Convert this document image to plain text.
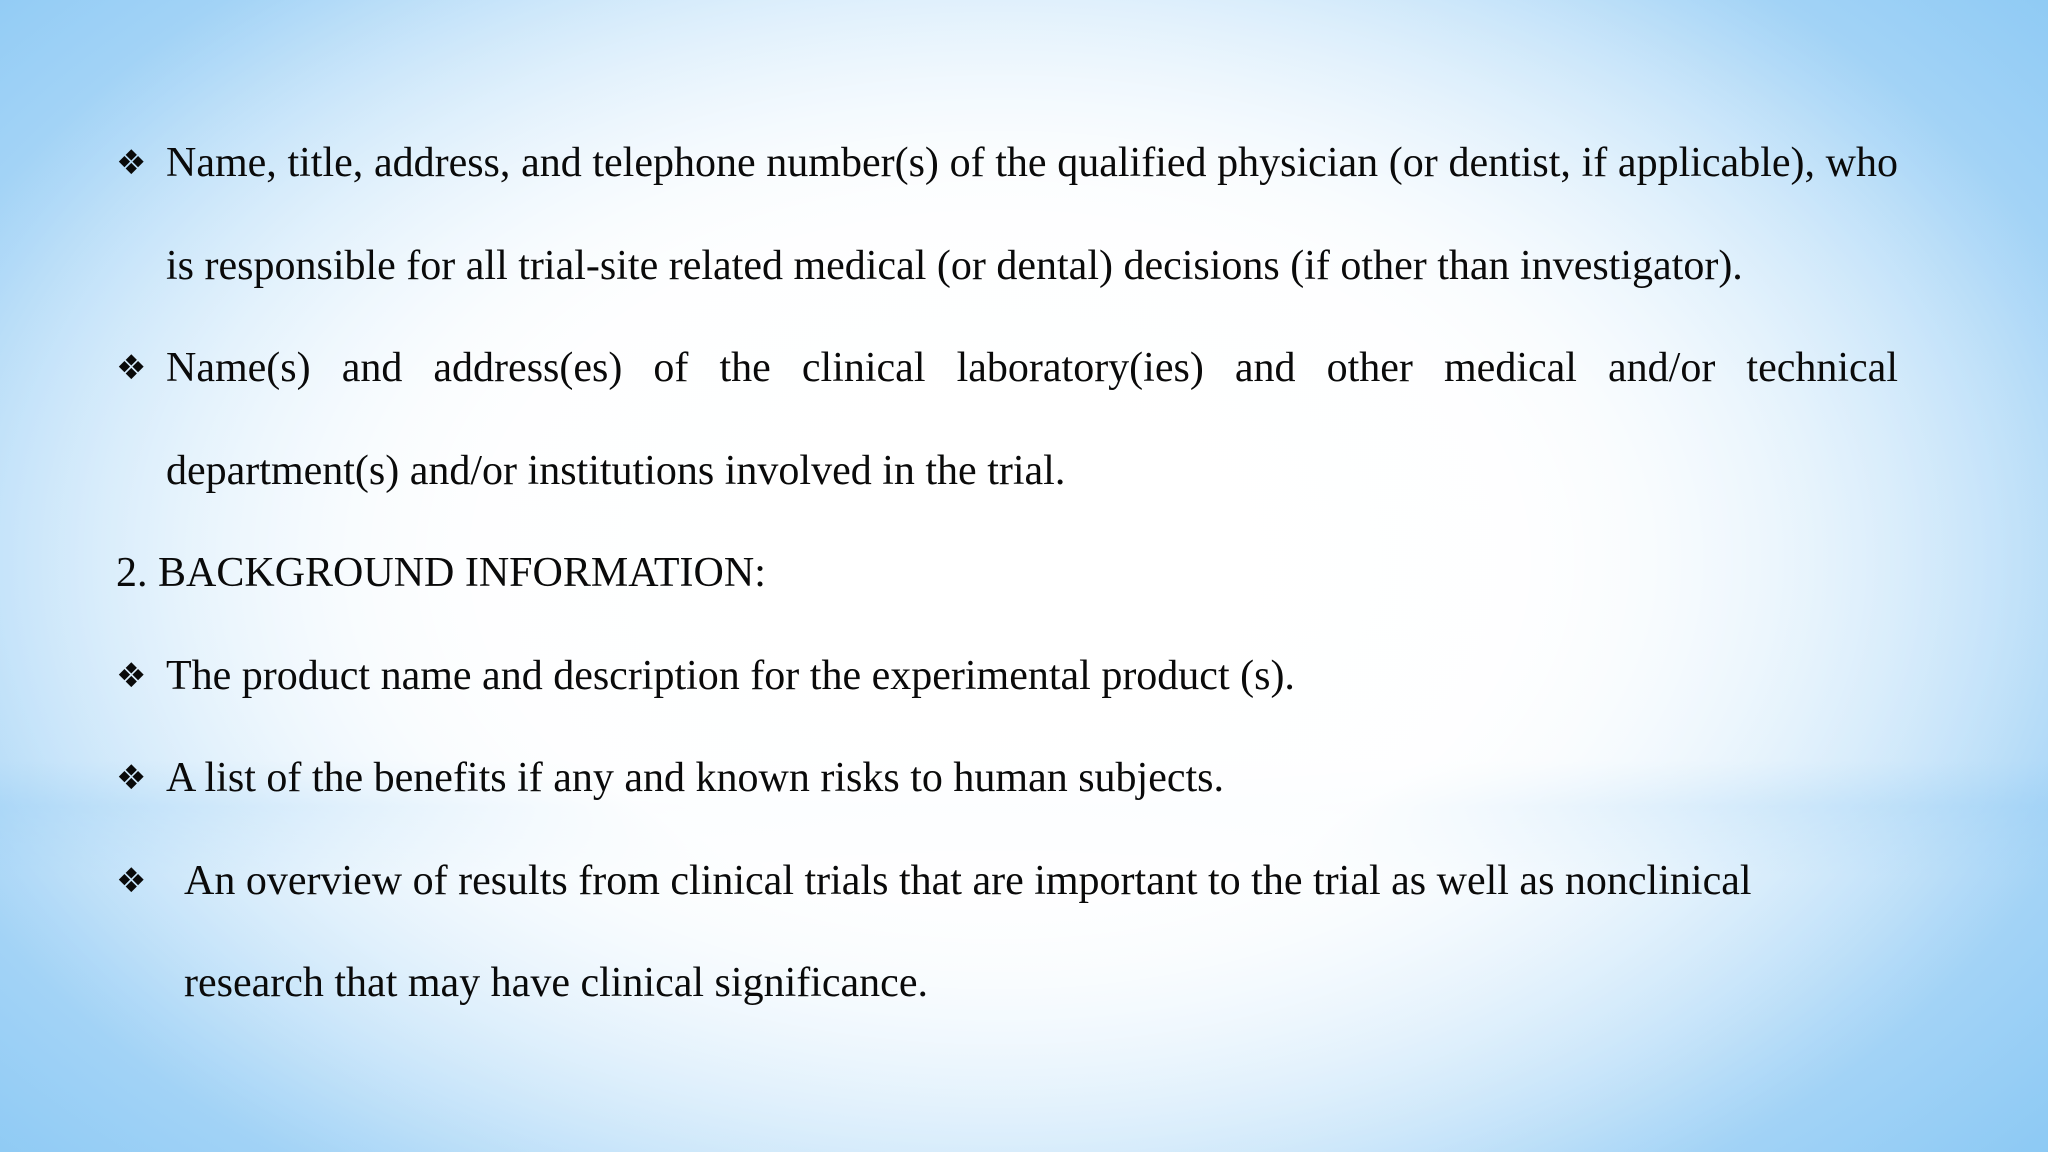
❖ Name, title, address, and telephone number(s) of the qualified physician (or dentist, if applicable), who is responsible for all trial-site related medical (or dental) decisions (if other than investigator).
❖ Name(s) and address(es) of the clinical laboratory(ies) and other medical and/or technical department(s) and/or institutions involved in the trial.
2. BACKGROUND INFORMATION:
❖ The product name and description for the experimental product (s).
❖ A list of the benefits if any and known risks to human subjects.
❖ An overview of results from clinical trials that are important to the trial as well as nonclinical research that may have clinical significance.
